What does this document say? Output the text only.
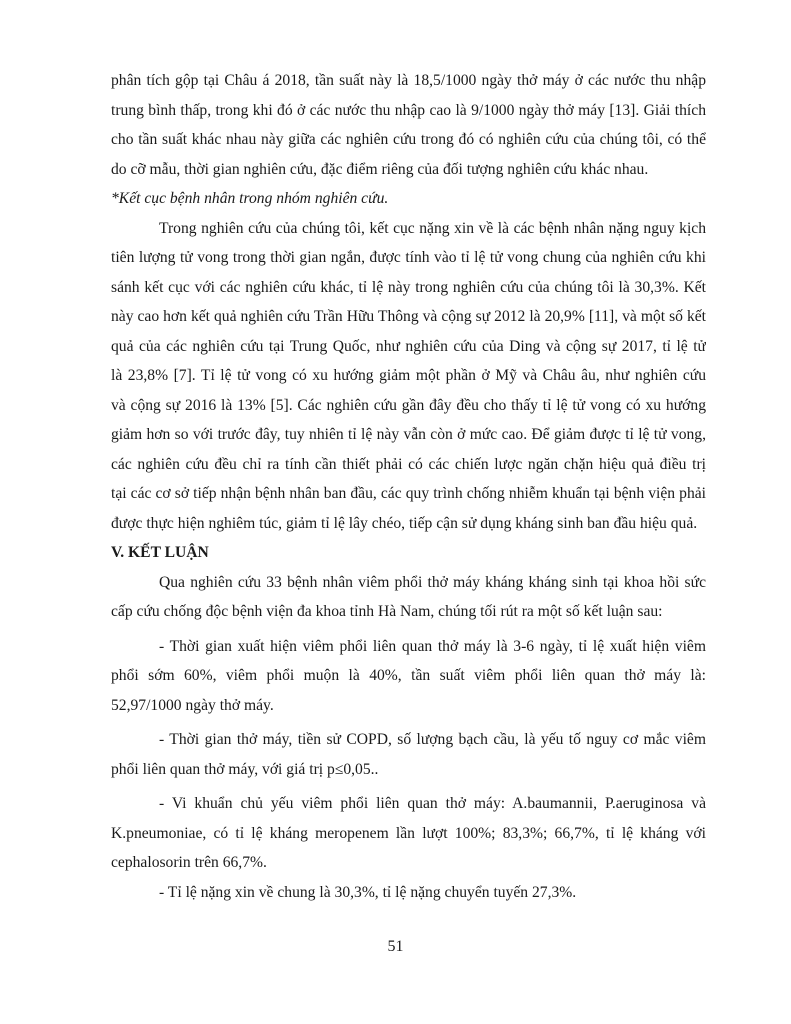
phân tích gộp tại Châu á 2018, tần suất này là 18,5/1000 ngày thở máy ở các nước thu nhập
trung bình thấp, trong khi đó ở các nước thu nhập cao là 9/1000 ngày thở máy [13]. Giải thích
cho tần suất khác nhau này giữa các nghiên cứu trong đó có nghiên cứu của chúng tôi, có thể
do cỡ mẫu, thời gian nghiên cứu, đặc điểm riêng của đối tượng nghiên cứu khác nhau.
*Kết cục bệnh nhân trong nhóm nghiên cứu.
Trong nghiên cứu của chúng tôi, kết cục nặng xin về là các bệnh nhân nặng nguy kịch
tiên lượng tử vong trong thời gian ngắn, được tính vào tỉ lệ tử vong chung của nghiên cứu khi
sánh kết cục với các nghiên cứu khác, tỉ lệ này trong nghiên cứu của chúng tôi là 30,3%. Kết
này cao hơn kết quả nghiên cứu Trần Hữu Thông và cộng sự 2012 là 20,9% [11], và một số kết
quả của các nghiên cứu tại Trung Quốc, như nghiên cứu của Ding và cộng sự 2017, tỉ lệ tử
là 23,8% [7]. Tỉ lệ tử vong có xu hướng giảm một phần ở Mỹ và Châu âu, như nghiên cứu
và cộng sự 2016 là 13% [5]. Các nghiên cứu gần đây đều cho thấy tỉ lệ tử vong có xu hướng
giảm hơn so với trước đây, tuy nhiên tỉ lệ này vẫn còn ở mức cao. Để giảm được tỉ lệ tử vong,
các nghiên cứu đều chỉ ra tính cần thiết phải có các chiến lược ngăn chặn hiệu quả điều trị
tại các cơ sở tiếp nhận bệnh nhân ban đầu, các quy trình chống nhiễm khuẩn tại bệnh viện phải
được thực hiện nghiêm túc, giảm tỉ lệ lây chéo, tiếp cận sử dụng kháng sinh ban đầu hiệu quả.
V. KẾT LUẬN
Qua nghiên cứu 33 bệnh nhân viêm phổi thở máy kháng kháng sinh tại khoa hồi sức
cấp cứu chống độc bệnh viện đa khoa tỉnh Hà Nam, chúng tối rút ra một số kết luận sau:
- Thời gian xuất hiện viêm phổi liên quan thở máy là 3-6 ngày, tỉ lệ xuất hiện viêm
phổi sớm 60%, viêm phổi muộn là 40%, tần suất viêm phổi liên quan thở máy là:
52,97/1000 ngày thở máy.
- Thời gian thở máy, tiền sử COPD, số lượng bạch cầu, là yếu tố nguy cơ mắc viêm
phổi liên quan thở máy, với giá trị p≤0,05..
- Vi khuẩn chủ yếu viêm phổi liên quan thở máy: A.baumannii, P.aeruginosa và
K.pneumoniae, có tỉ lệ kháng meropenem lần lượt 100%; 83,3%; 66,7%, tỉ lệ kháng với
cephalosorin trên 66,7%.
- Tỉ lệ nặng xin về chung là 30,3%, tỉ lệ nặng chuyển tuyến 27,3%.
51
